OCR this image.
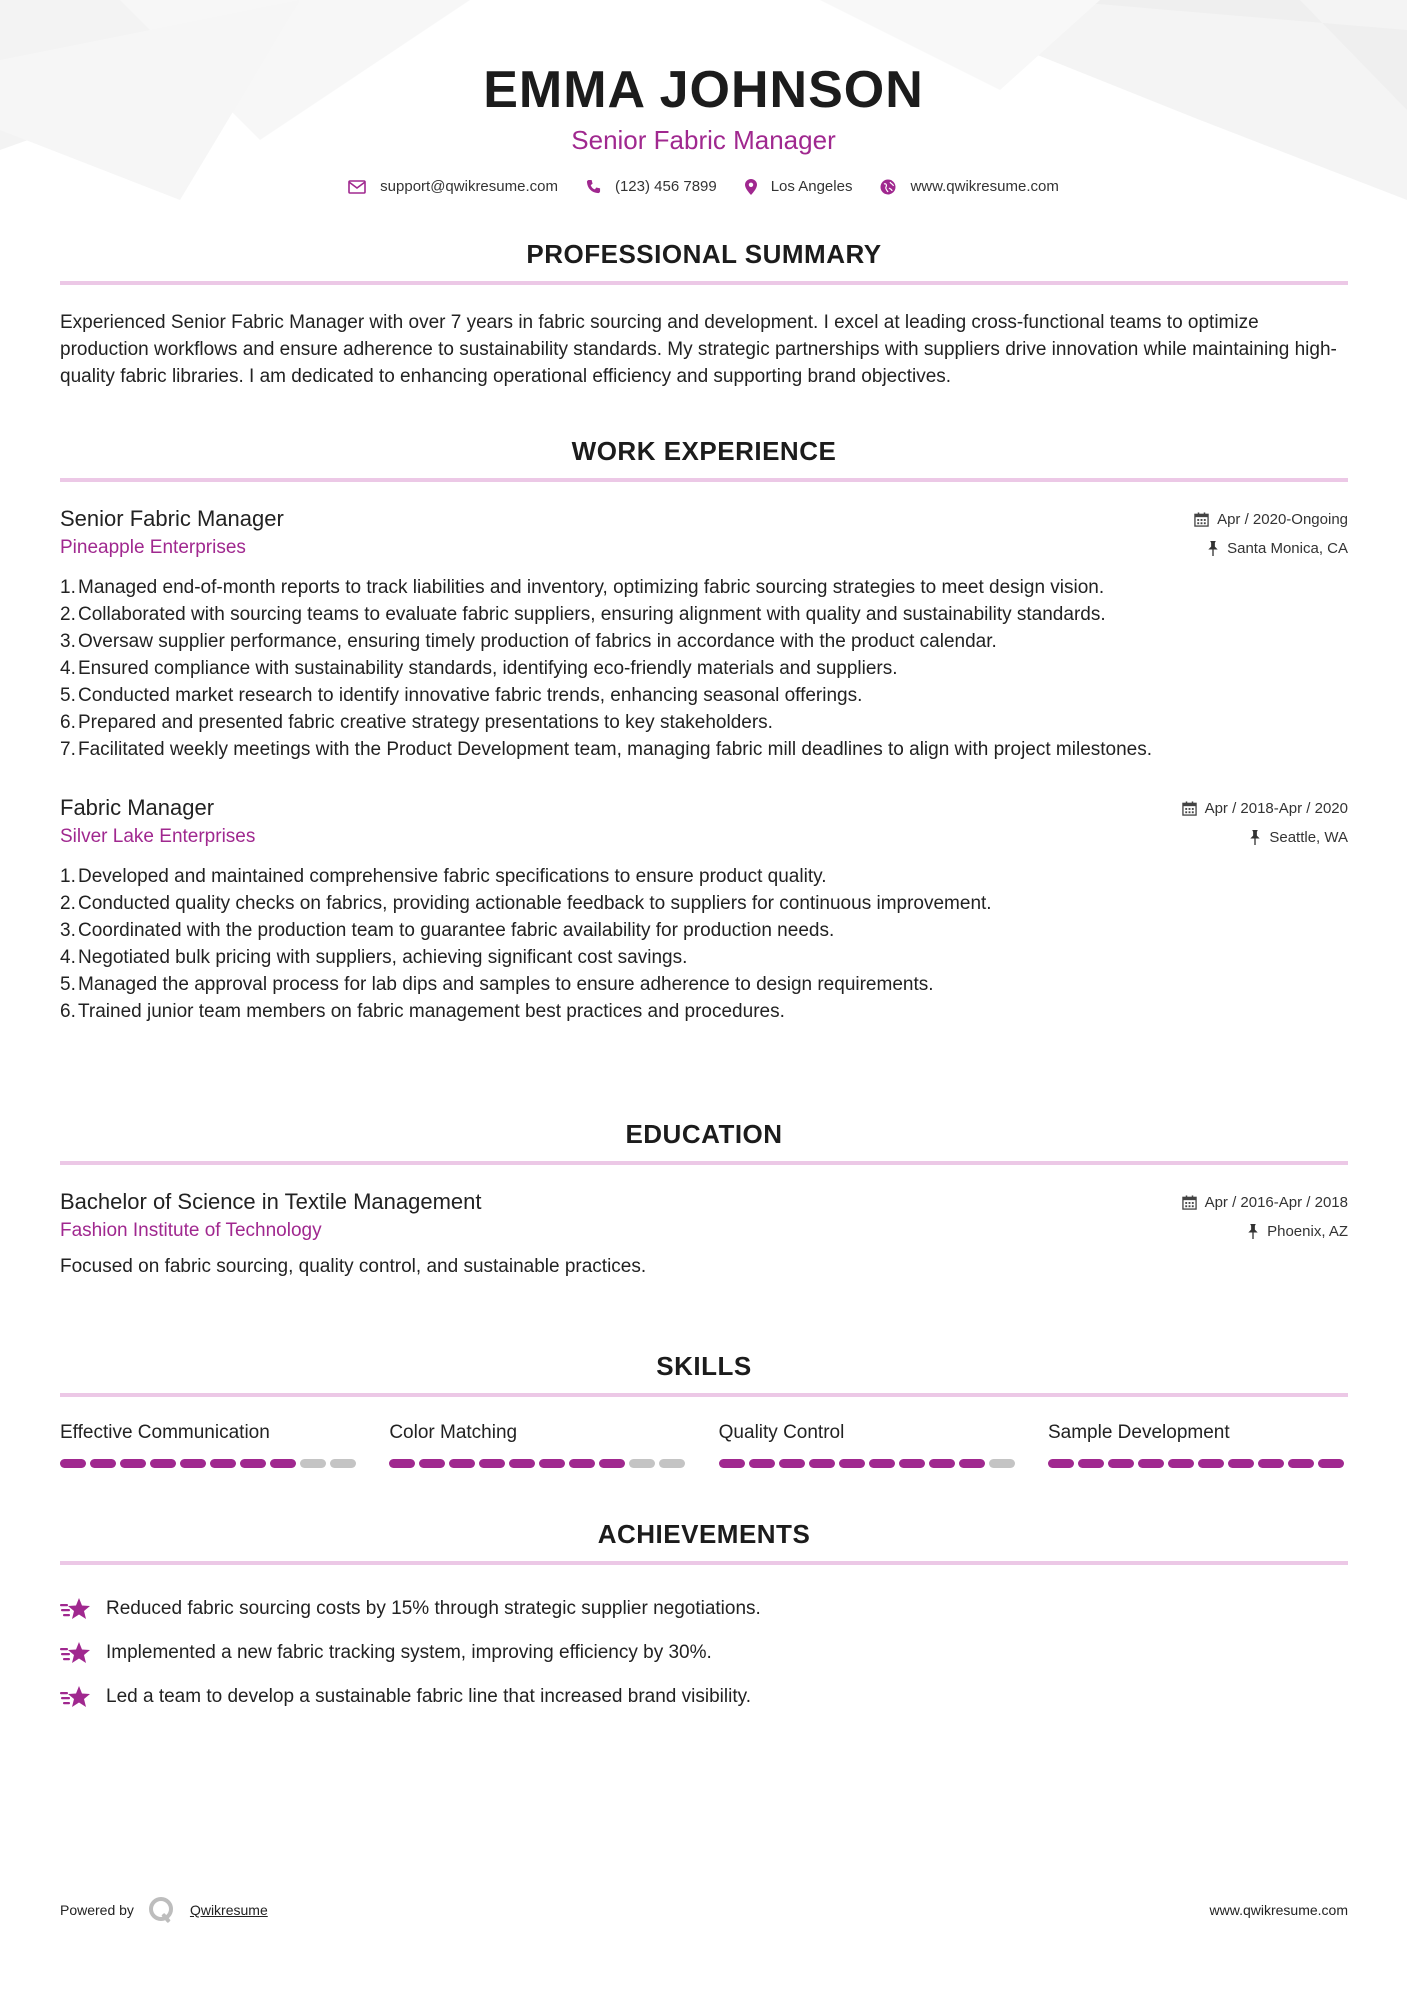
EMMA JOHNSON
Senior Fabric Manager
support@qwikresume.com	(123) 456 7899	Los Angeles	www.qwikresume.com
PROFESSIONAL SUMMARY
Experienced Senior Fabric Manager with over 7 years in fabric sourcing and development. I excel at leading cross-functional teams to optimize production workflows and ensure adherence to sustainability standards. My strategic partnerships with suppliers drive innovation while maintaining high-quality fabric libraries. I am dedicated to enhancing operational efficiency and supporting brand objectives.
WORK EXPERIENCE
Senior Fabric Manager	Apr / 2020-Ongoing
Pineapple Enterprises	Santa Monica, CA
1. Managed end-of-month reports to track liabilities and inventory, optimizing fabric sourcing strategies to meet design vision.
2. Collaborated with sourcing teams to evaluate fabric suppliers, ensuring alignment with quality and sustainability standards.
3. Oversaw supplier performance, ensuring timely production of fabrics in accordance with the product calendar.
4. Ensured compliance with sustainability standards, identifying eco-friendly materials and suppliers.
5. Conducted market research to identify innovative fabric trends, enhancing seasonal offerings.
6. Prepared and presented fabric creative strategy presentations to key stakeholders.
7. Facilitated weekly meetings with the Product Development team, managing fabric mill deadlines to align with project milestones.
Fabric Manager	Apr / 2018-Apr / 2020
Silver Lake Enterprises	Seattle, WA
1. Developed and maintained comprehensive fabric specifications to ensure product quality.
2. Conducted quality checks on fabrics, providing actionable feedback to suppliers for continuous improvement.
3. Coordinated with the production team to guarantee fabric availability for production needs.
4. Negotiated bulk pricing with suppliers, achieving significant cost savings.
5. Managed the approval process for lab dips and samples to ensure adherence to design requirements.
6. Trained junior team members on fabric management best practices and procedures.
EDUCATION
Bachelor of Science in Textile Management	Apr / 2016-Apr / 2018
Fashion Institute of Technology	Phoenix, AZ
Focused on fabric sourcing, quality control, and sustainable practices.
SKILLS
Effective Communication	Color Matching	Quality Control	Sample Development
ACHIEVEMENTS
Reduced fabric sourcing costs by 15% through strategic supplier negotiations.
Implemented a new fabric tracking system, improving efficiency by 30%.
Led a team to develop a sustainable fabric line that increased brand visibility.
Powered by	Qwikresume	www.qwikresume.com
